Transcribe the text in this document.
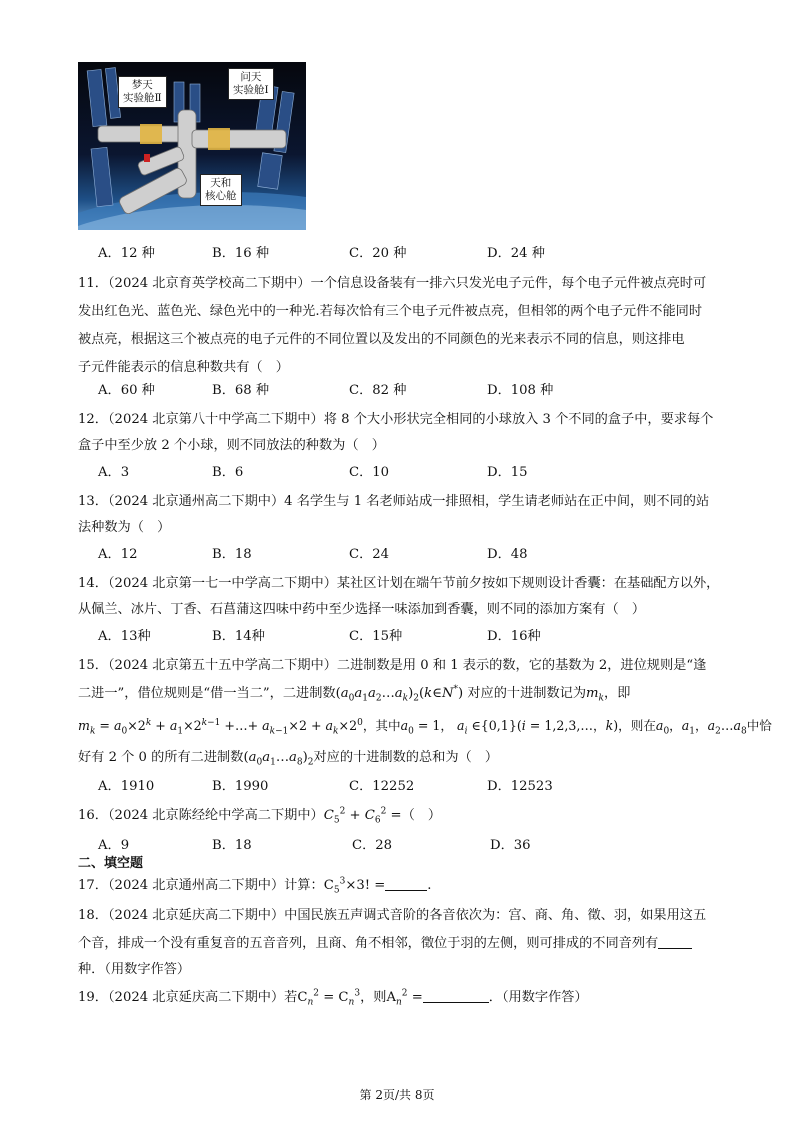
梦天
实验舱Ⅱ
问天
实验舱Ⅰ
天和
核心舱
A．12 种	B．16 种	C．20 种	D．24 种
11．（2024 北京育英学校高二下期中）一个信息设备装有一排六只发光电子元件，每个电子元件被点亮时可
发出红色光、蓝色光、绿色光中的一种光.若每次恰有三个电子元件被点亮，但相邻的两个电子元件不能同时
被点亮，根据这三个被点亮的电子元件的不同位置以及发出的不同颜色的光来表示不同的信息，则这排电
子元件能表示的信息种数共有（　）
A．60 种	B．68 种	C．82 种	D．108 种
12．（2024 北京第八十中学高二下期中）将 8 个大小形状完全相同的小球放入 3 个不同的盒子中，要求每个
盒子中至少放 2 个小球，则不同放法的种数为（　）
A．3	B．6	C．10	D．15
13．（2024 北京通州高二下期中）4 名学生与 1 名老师站成一排照相，学生请老师站在正中间，则不同的站
法种数为（　）
A．12	B．18	C．24	D．48
14．（2024 北京第一七一中学高二下期中）某社区计划在端午节前夕按如下规则设计香囊：在基础配方以外，
从佩兰、冰片、丁香、石菖蒲这四味中药中至少选择一味添加到香囊，则不同的添加方案有（　）
A．13种	B．14种	C．15种	D．16种
15．（2024 北京第五十五中学高二下期中）二进制数是用 0 和 1 表示的数，它的基数为 2，进位规则是“逢
二进一”，借位规则是“借一当二”，二进制数$(a_0a_1a_2\dots a_k)_2(k\in N^*)$ 对应的十进制数记为$m_k$，即
$m_k = a_0\times 2^k + a_1\times 2^{k-1}$ +…+ $a_{k-1}\times 2 + a_k\times 2^0$，其中$a_0 = 1$， $a_i$ ∈{0,1}(i = 1,2,3,…，k)，则在$a_0$，$a_1$，$a_2\dots a_8$中恰
好有 2 个 0 的所有二进制数$(a_0a_1\dots a_8)_2$对应的十进制数的总和为（　）
A．1910	B．1990	C．12252	D．12523
16．（2024 北京陈经纶中学高二下期中）$C_5^2 + C_6^2$ =（　）
A．9	B．18	C．28	D．36
二、填空题
17．（2024 北京通州高二下期中）计算：$C_5^3\times 3$! =	.
18．（2024 北京延庆高二下期中）中国民族五声调式音阶的各音依次为：宫、商、角、徵、羽，如果用这五
个音，排成一个没有重复音的五音音列，且商、角不相邻，徵位于羽的左侧，则可排成的不同音列有
种．（用数字作答）
19．（2024 北京延庆高二下期中）若$C_n^2 = C_n^3$，则$A_n^2$ =	．（用数字作答）
第 2页/共 8页
